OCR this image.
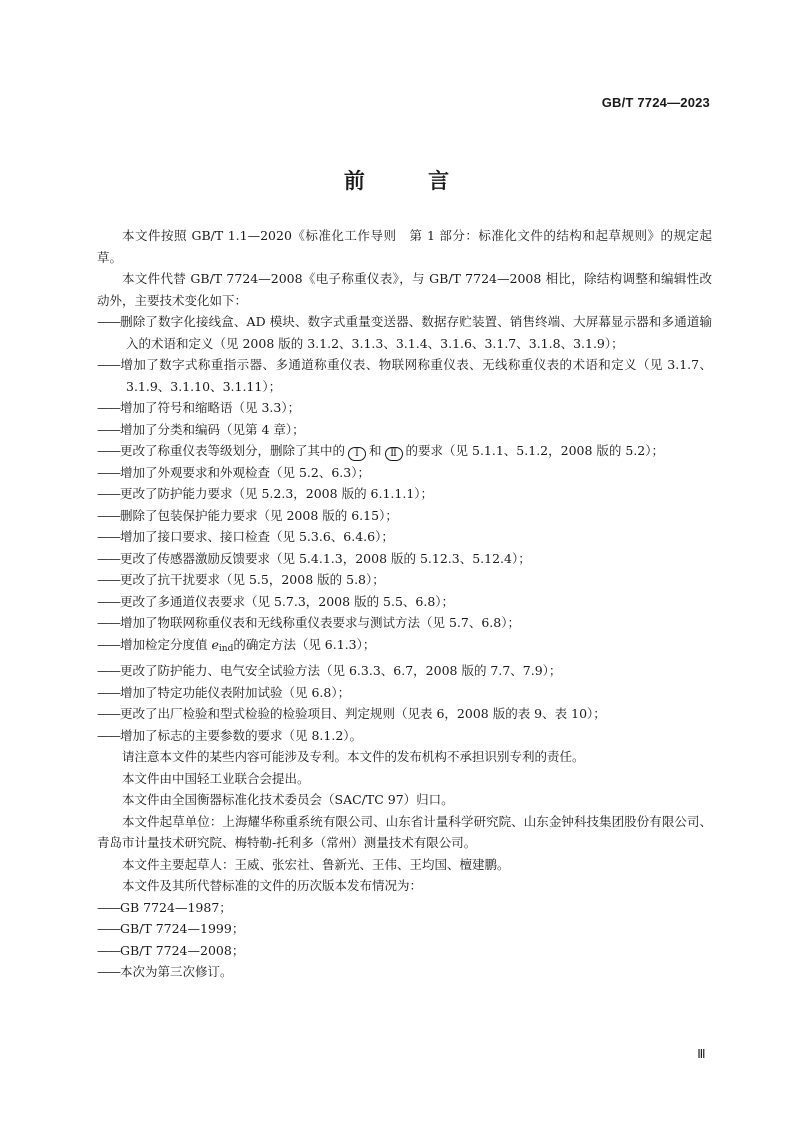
GB/T 7724—2023
前 言

本文件按照 GB/T 1.1—2020《标准化工作导则　第 1 部分：标准化文件的结构和起草规则》的规定起草。

本文件代替 GB/T 7724—2008《电子称重仪表》，与 GB/T 7724—2008 相比，除结构调整和编辑性改动外，主要技术变化如下：

——删除了数字化接线盒、AD 模块、数字式重量变送器、数据存贮装置、销售终端、大屏幕显示器和多通道输入的术语和定义（见 2008 版的 3.1.2、3.1.3、3.1.4、3.1.6、3.1.7、3.1.8、3.1.9）；

——增加了数字式称重指示器、多通道称重仪表、物联网称重仪表、无线称重仪表的术语和定义（见 3.1.7、3.1.9、3.1.10、3.1.11）；

——增加了符号和缩略语（见 3.3）；

——增加了分类和编码（见第 4 章）；

——更改了称重仪表等级划分，删除了其中的 Ⅰ 和 Ⅱ 的要求（见 5.1.1、5.1.2，2008 版的 5.2）；

——增加了外观要求和外观检查（见 5.2、6.3）；

——更改了防护能力要求（见 5.2.3，2008 版的 6.1.1.1）；

——删除了包装保护能力要求（见 2008 版的 6.15）；

——增加了接口要求、接口检查（见 5.3.6、6.4.6）；

——更改了传感器激励反馈要求（见 5.4.1.3，2008 版的 5.12.3、5.12.4）；

——更改了抗干扰要求（见 5.5，2008 版的 5.8）；

——更改了多通道仪表要求（见 5.7.3，2008 版的 5.5、6.8）；

——增加了物联网称重仪表和无线称重仪表要求与测试方法（见 5.7、6.8）；

——增加检定分度值 $e_{ind}$的确定方法（见 6.1.3）；

——更改了防护能力、电气安全试验方法（见 6.3.3、6.7，2008 版的 7.7、7.9）；

——增加了特定功能仪表附加试验（见 6.8）；

——更改了出厂检验和型式检验的检验项目、判定规则（见表 6，2008 版的表 9、表 10）；

——增加了标志的主要参数的要求（见 8.1.2）。

请注意本文件的某些内容可能涉及专利。本文件的发布机构不承担识别专利的责任。

本文件由中国轻工业联合会提出。

本文件由全国衡器标准化技术委员会（SAC/TC 97）归口。

本文件起草单位：上海耀华称重系统有限公司、山东省计量科学研究院、山东金钟科技集团股份有限公司、青岛市计量技术研究院、梅特勒-托利多（常州）测量技术有限公司。

本文件主要起草人：王威、张宏社、鲁新光、王伟、王均国、檀建鹏。

本文件及其所代替标准的文件的历次版本发布情况为：

——GB 7724—1987；

——GB/T 7724—1999；

——GB/T 7724—2008；

——本次为第三次修订。

Ⅲ
